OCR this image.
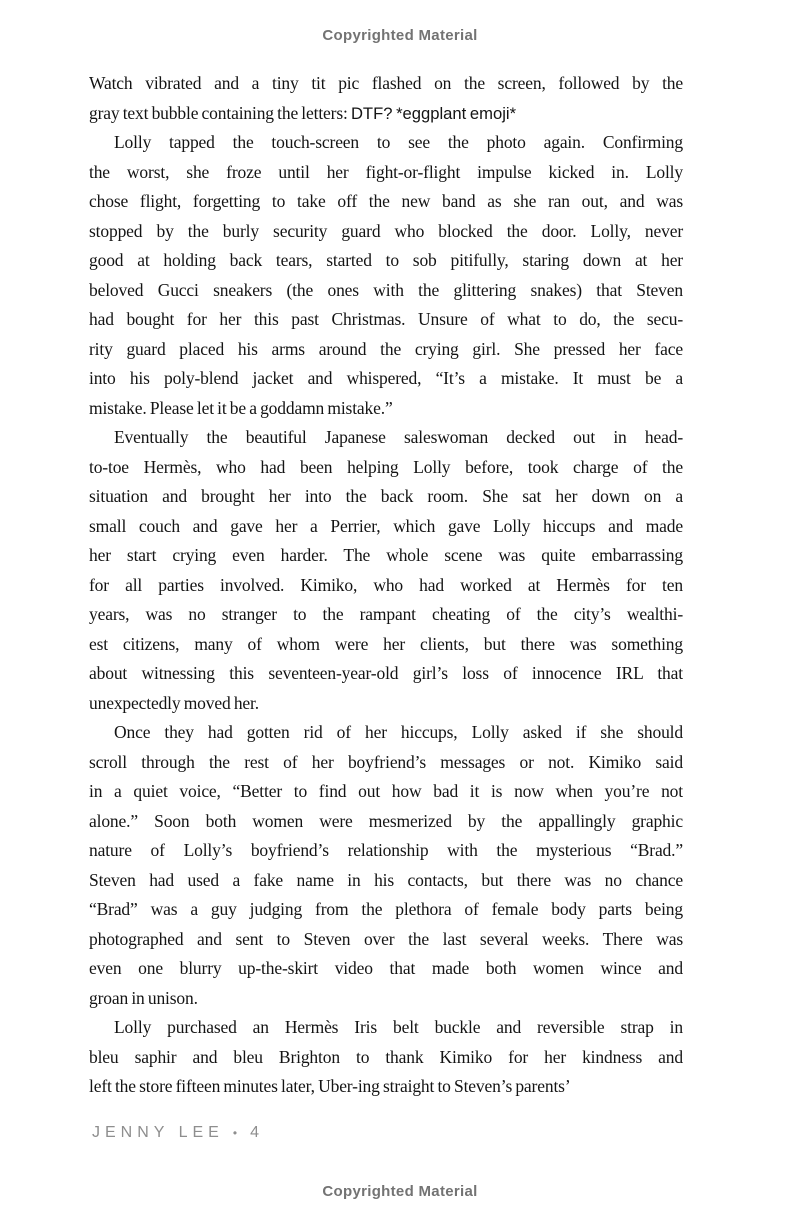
Copyrighted Material
Watch vibrated and a tiny tit pic flashed on the screen, followed by the
gray text bubble containing the letters: DTF? *eggplant emoji*
Lolly tapped the touch-screen to see the photo again. Confirming
the worst, she froze until her fight-or-flight impulse kicked in. Lolly
chose flight, forgetting to take off the new band as she ran out, and was
stopped by the burly security guard who blocked the door. Lolly, never
good at holding back tears, started to sob pitifully, staring down at her
beloved Gucci sneakers (the ones with the glittering snakes) that Steven
had bought for her this past Christmas. Unsure of what to do, the secu-
rity guard placed his arms around the crying girl. She pressed her face
into his poly-blend jacket and whispered, “It’s a mistake. It must be a
mistake. Please let it be a goddamn mistake.”
Eventually the beautiful Japanese saleswoman decked out in head-
to-toe Hermès, who had been helping Lolly before, took charge of the
situation and brought her into the back room. She sat her down on a
small couch and gave her a Perrier, which gave Lolly hiccups and made
her start crying even harder. The whole scene was quite embarrassing
for all parties involved. Kimiko, who had worked at Hermès for ten
years, was no stranger to the rampant cheating of the city’s wealthi-
est citizens, many of whom were her clients, but there was something
about witnessing this seventeen-year-old girl’s loss of innocence IRL that
unexpectedly moved her.
Once they had gotten rid of her hiccups, Lolly asked if she should
scroll through the rest of her boyfriend’s messages or not. Kimiko said
in a quiet voice, “Better to find out how bad it is now when you’re not
alone.” Soon both women were mesmerized by the appallingly graphic
nature of Lolly’s boyfriend’s relationship with the mysterious “Brad.”
Steven had used a fake name in his contacts, but there was no chance
“Brad” was a guy judging from the plethora of female body parts being
photographed and sent to Steven over the last several weeks. There was
even one blurry up-the-skirt video that made both women wince and
groan in unison.
Lolly purchased an Hermès Iris belt buckle and reversible strap in
bleu saphir and bleu Brighton to thank Kimiko for her kindness and
left the store fifteen minutes later, Uber-ing straight to Steven’s parents’
JENNY LEE • 4
Copyrighted Material
